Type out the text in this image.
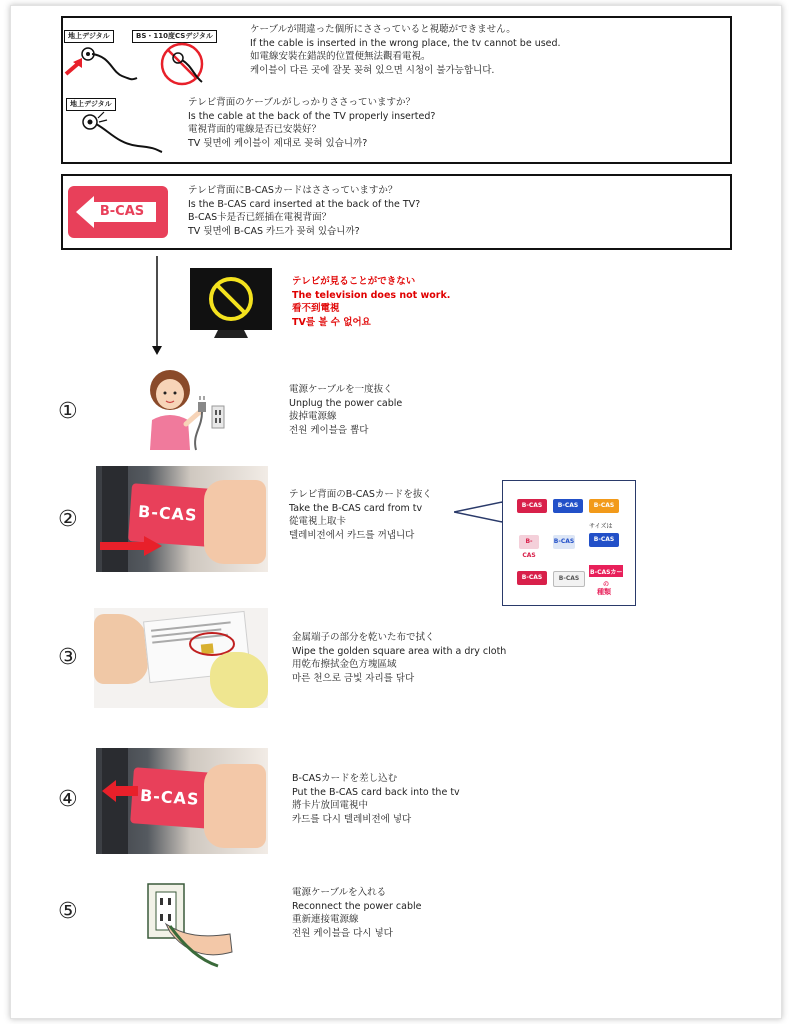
地上デジタル	BS・110度CSデジタル
ケーブルが間違った個所にささっていると視聴ができません。
If the cable is inserted in the wrong place, the tv cannot be used.
如電線安裝在錯誤的位置便無法觀看電視。
케이블이 다른 곳에 잘못 꽂혀 있으면 시청이 불가능합니다.
地上デジタル	テレビ背面のケーブルがしっかりささっていますか？
Is the cable at the back of the TV properly inserted?
電視背面的電線是否已安裝好？
TV 뒷면에 케이블이 제대로 꽂혀 있습니까?
B-CAS
テレビ背面にB-CASカードはささっていますか？
Is the B-CAS card inserted at the back of the TV?
B-CAS卡是否已經插在電視背面？
TV 뒷면에 B-CAS 카드가 꽂혀 있습니까?
テレビが見ることができない
The television does not work.
看不到電視
TV를 볼 수 없어요
①
電源ケーブルを一度抜く
Unplug the power cable
拔掉電源線
전원 케이블을 뽑다
②	B-CAS
テレビ背面のB-CASカードを抜く
Take the B-CAS card from tv
從電視上取卡
텔레비전에서 카드를 꺼냅니다
B-CAS	B-CAS	B-CAS
B-CAS
B-CAS
サイズは
B-CAS
B-CAS	B-CAS
B-CASカード
の
種類
③
金属端子の部分を乾いた布で拭く
Wipe the golden square area with a dry cloth
用乾布擦拭金色方塊區域
마른 천으로 금빛 자리를 닦다
④	B-CAS
B-CASカードを差し込む
Put the B-CAS card back into the tv
將卡片放回電視中
카드를 다시 텔레비전에 넣다
⑤
電源ケーブルを入れる
Reconnect the power cable
重新連接電源線
전원 케이블을 다시 넣다
